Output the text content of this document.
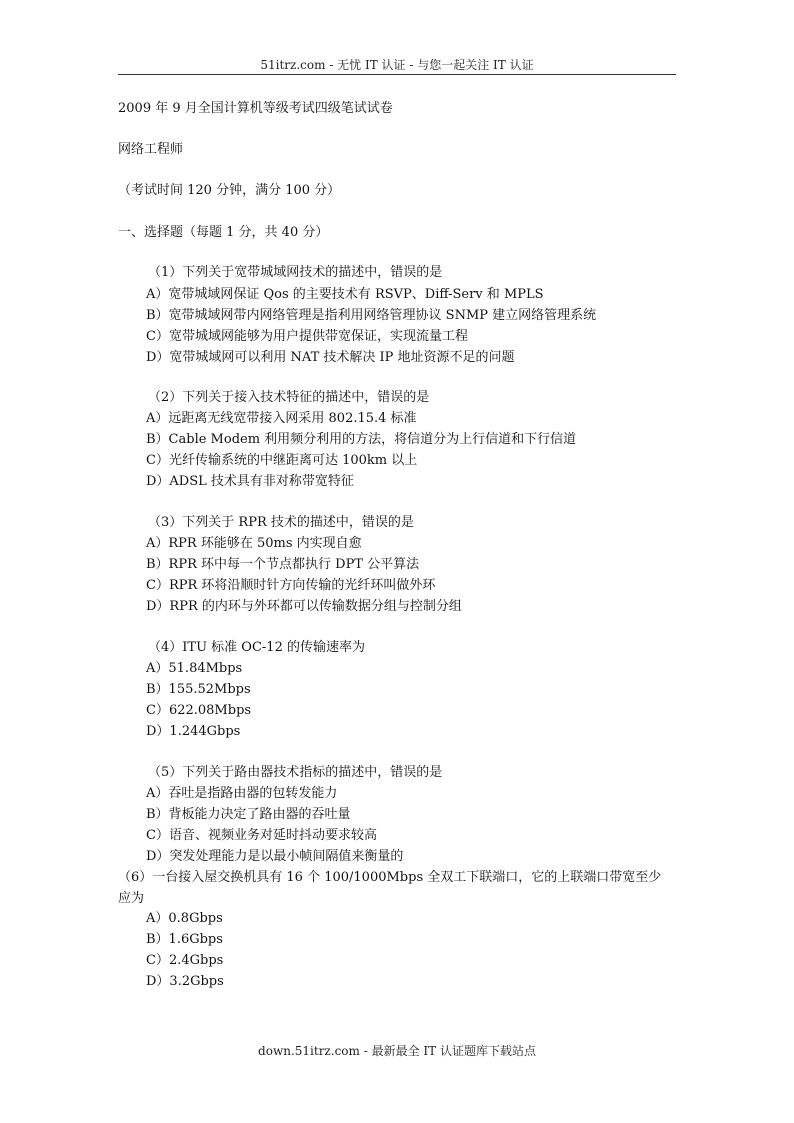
51itrz.com - 无忧 IT 认证 - 与您一起关注 IT 认证
2009 年 9 月全国计算机等级考试四级笔试试卷
网络工程师
（考试时间 120 分钟，满分 100 分）
一、选择题（每题 1 分，共 40 分）
（1）下列关于宽带城域网技术的描述中，错误的是
A）宽带城域网保证 Qos 的主要技术有 RSVP、Diff-Serv 和 MPLS
B）宽带城域网带内网络管理是指利用网络管理协议 SNMP 建立网络管理系统
C）宽带城域网能够为用户提供带宽保证，实现流量工程
D）宽带城域网可以利用 NAT 技术解决 IP 地址资源不足的问题
（2）下列关于接入技术特征的描述中，错误的是
A）远距离无线宽带接入网采用 802.15.4 标准
B）Cable Modem 利用频分利用的方法，将信道分为上行信道和下行信道
C）光纤传输系统的中继距离可达 100km 以上
D）ADSL 技术具有非对称带宽特征
（3）下列关于 RPR 技术的描述中，错误的是
A）RPR 环能够在 50ms 内实现自愈
B）RPR 环中每一个节点都执行 DPT 公平算法
C）RPR 环将沿顺时针方向传输的光纤环叫做外环
D）RPR 的内环与外环都可以传输数据分组与控制分组
（4）ITU 标准 OC-12 的传输速率为
A）51.84Mbps
B）155.52Mbps
C）622.08Mbps
D）1.244Gbps
（5）下列关于路由器技术指标的描述中，错误的是
A）吞吐是指路由器的包转发能力
B）背板能力决定了路由器的吞吐量
C）语音、视频业务对延时抖动要求较高
D）突发处理能力是以最小帧间隔值来衡量的
（6）一台接入屋交换机具有 16 个 100/1000Mbps 全双工下联端口，它的上联端口带宽至少
应为
A）0.8Gbps
B）1.6Gbps
C）2.4Gbps
D）3.2Gbps
down.51itrz.com - 最新最全 IT 认证题库下载站点
